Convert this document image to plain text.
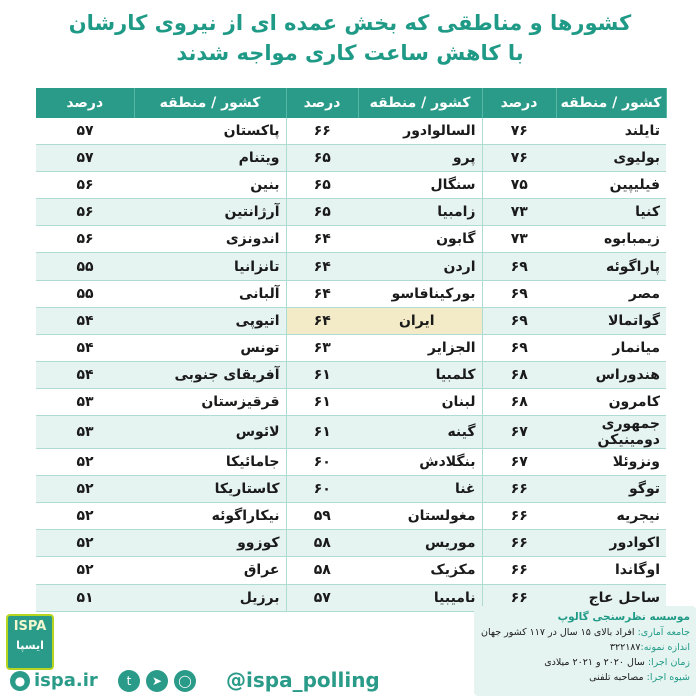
کشورها و مناطقی که بخش عمده ای از نیروی کارشان
با کاهش ساعت کاری مواجه شدند
کشور / منطقه	درصد	کشور / منطقه	درصد	کشور / منطقه	درصد
تایلند	۷۶	السالوادور	۶۶	پاکستان	۵۷
بولیوی	۷۶	پرو	۶۵	ویتنام	۵۷
فیلیپین	۷۵	سنگال	۶۵	بنین	۵۶
کنیا	۷۳	زامبیا	۶۵	آرژانتین	۵۶
زیمبابوه	۷۳	گابون	۶۴	اندونزی	۵۶
پاراگوئه	۶۹	اردن	۶۴	تانزانیا	۵۵
مصر	۶۹	بورکینافاسو	۶۴	آلبانی	۵۵
گواتمالا	۶۹	ایران	۶۴	اتیوپی	۵۴
میانمار	۶۹	الجزایر	۶۳	تونس	۵۴
هندوراس	۶۸	کلمبیا	۶۱	آفریقای جنوبی	۵۴
کامرون	۶۸	لبنان	۶۱	قرقیزستان	۵۳
جمهوری دومینیکن	۶۷	گینه	۶۱	لائوس	۵۳
ونزوئلا	۶۷	بنگلادش	۶۰	جامائیکا	۵۲
توگو	۶۶	غنا	۶۰	کاستاریکا	۵۲
نیجریه	۶۶	مغولستان	۵۹	نیکاراگوئه	۵۲
اکوادور	۶۶	موریس	۵۸	کوزوو	۵۲
اوگاندا	۶۶	مکزیک	۵۸	عراق	۵۲
ساحل عاج	۶۶	نامیبیا	۵۷	برزیل	۵۱
ISPA
ایسپا
● ispa.ir	t	➤	◯ @ispa_polling
موسسه نظرسنجی گالوپ
جامعه آماری: افراد بالای ۱۵ سال در ۱۱۷ کشور جهان
اندازه نمونه:۳۲۲۱۸۷
زمان اجرا: سال ۲۰۲۰ و ۲۰۲۱ میلادی
شیوه اجرا: مصاحبه تلفنی
